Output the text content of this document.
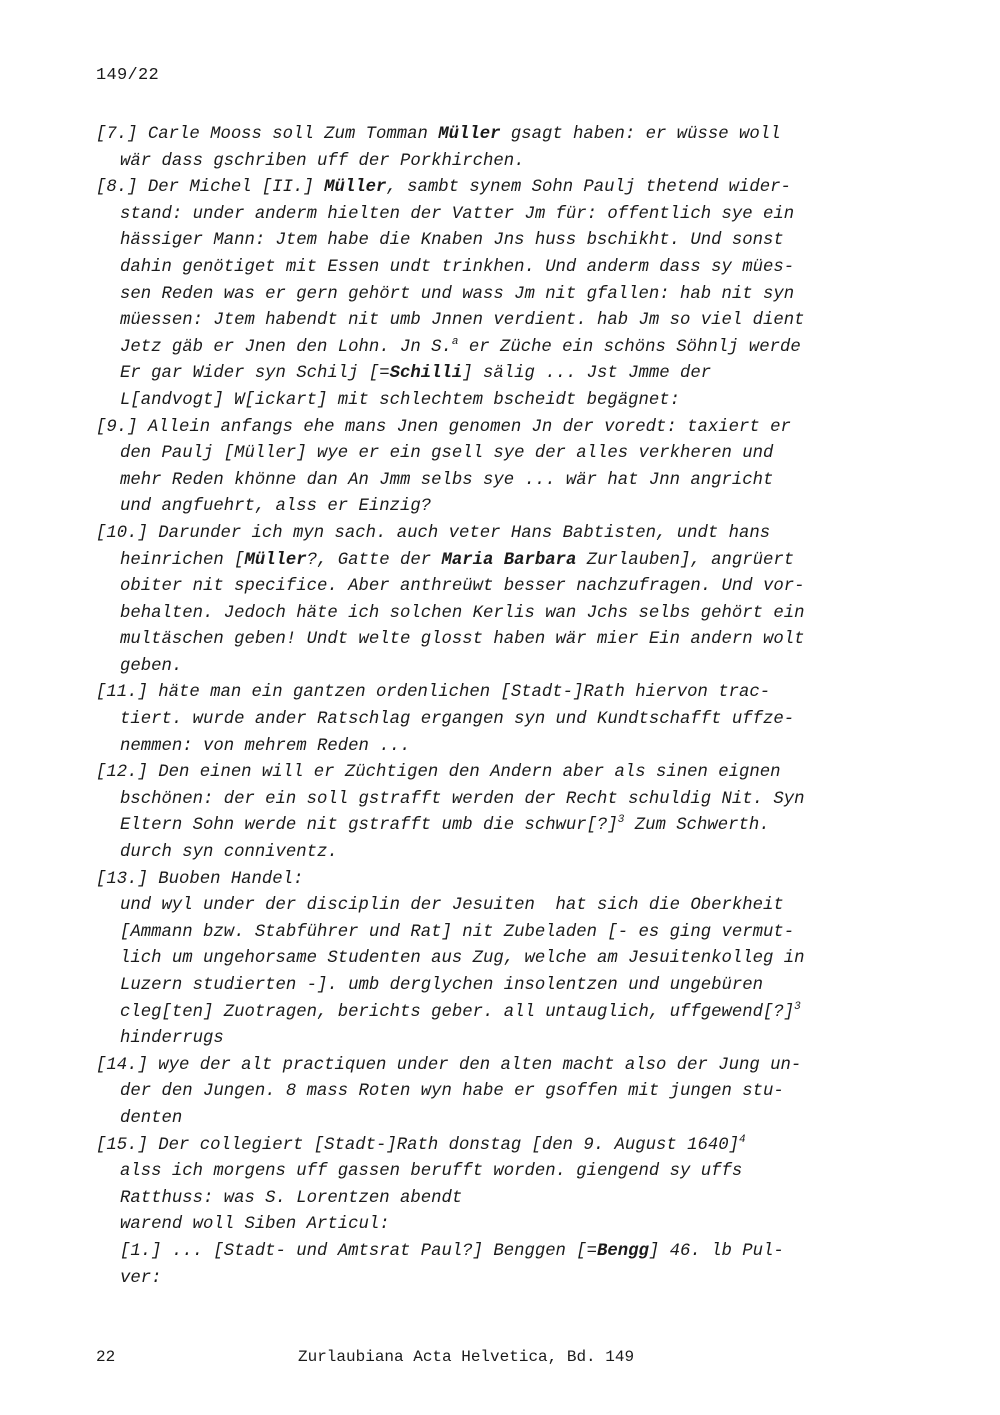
149/22
[7.] Carle Mooss soll Zum Tomman Müller gsagt haben: er wüsse woll
wär dass gschriben uff der Porkhirchen.
[8.] Der Michel [II.] Müller, sambt synem Sohn Paulj thetend wider-
stand: under anderm hielten der Vatter Jm für: offentlich sye ein
hässiger Mann: Jtem habe die Knaben Jns huss bschikht. Und sonst
dahin genötiget mit Essen undt trinkhen. Und anderm dass sy mües-
sen Reden was er gern gehört und wass Jm nit gfallen: hab nit syn
müessen: Jtem habendt nit umb Jnnen verdient. hab Jm so viel dient
Jetz gäb er Jnen den Lohn. Jn S.$^a$ er Züche ein schöns Söhnlj werde
Er gar Wider syn Schilj [=Schilli] sälig ... Jst Jmme der
L[andvogt] W[ickart] mit schlechtem bscheidt begägnet:
[9.] Allein anfangs ehe mans Jnen genomen Jn der voredt: taxiert er
den Paulj [Müller] wye er ein gsell sye der alles verkheren und
mehr Reden khönne dan An Jmm selbs sye ... wär hat Jnn angricht
und angfuehrt, alss er Einzig?
[10.] Darunder ich myn sach. auch veter Hans Babtisten, undt hans
heinrichen [Müller?, Gatte der Maria Barbara Zurlauben], angrüert
obiter nit specifice. Aber anthreüwt besser nachzufragen. Und vor-
behalten. Jedoch häte ich solchen Kerlis wan Jchs selbs gehört ein
multäschen geben! Undt welte glosst haben wär mier Ein andern wolt
geben.
[11.] häte man ein gantzen ordenlichen [Stadt-]Rath hiervon trac-
tiert. wurde ander Ratschlag ergangen syn und Kundtschafft uffze-
nemmen: von mehrem Reden ...
[12.] Den einen will er Züchtigen den Andern aber als sinen eignen
bschönen: der ein soll gstrafft werden der Recht schuldig Nit. Syn
Eltern Sohn werde nit gstrafft umb die schwur[?]$^3$ Zum Schwerth.
durch syn conniventz.
[13.] Buoben Handel:
und wyl under der disciplin der Jesuiten  hat sich die Oberkheit
[Ammann bzw. Stabführer und Rat] nit Zubeladen [- es ging vermut-
lich um ungehorsame Studenten aus Zug, welche am Jesuitenkolleg in
Luzern studierten -]. umb derglychen insolentzen und ungebüren
cleg[ten] Zuotragen, berichts geber. all untauglich, uffgewend[?]$^3$
hinderrugs
[14.] wye der alt practiquen under den alten macht also der Jung un-
der den Jungen. 8 mass Roten wyn habe er gsoffen mit jungen stu-
denten
[15.] Der collegiert [Stadt-]Rath donstag [den 9. August 1640]$^4$
alss ich morgens uff gassen berufft worden. giengend sy uffs
Ratthuss: was S. Lorentzen abendt
warend woll Siben Articul:
[1.] ... [Stadt- und Amtsrat Paul?] Benggen [=Bengg] 46. lb Pul-
ver:
22	Zurlaubiana Acta Helvetica, Bd. 149
